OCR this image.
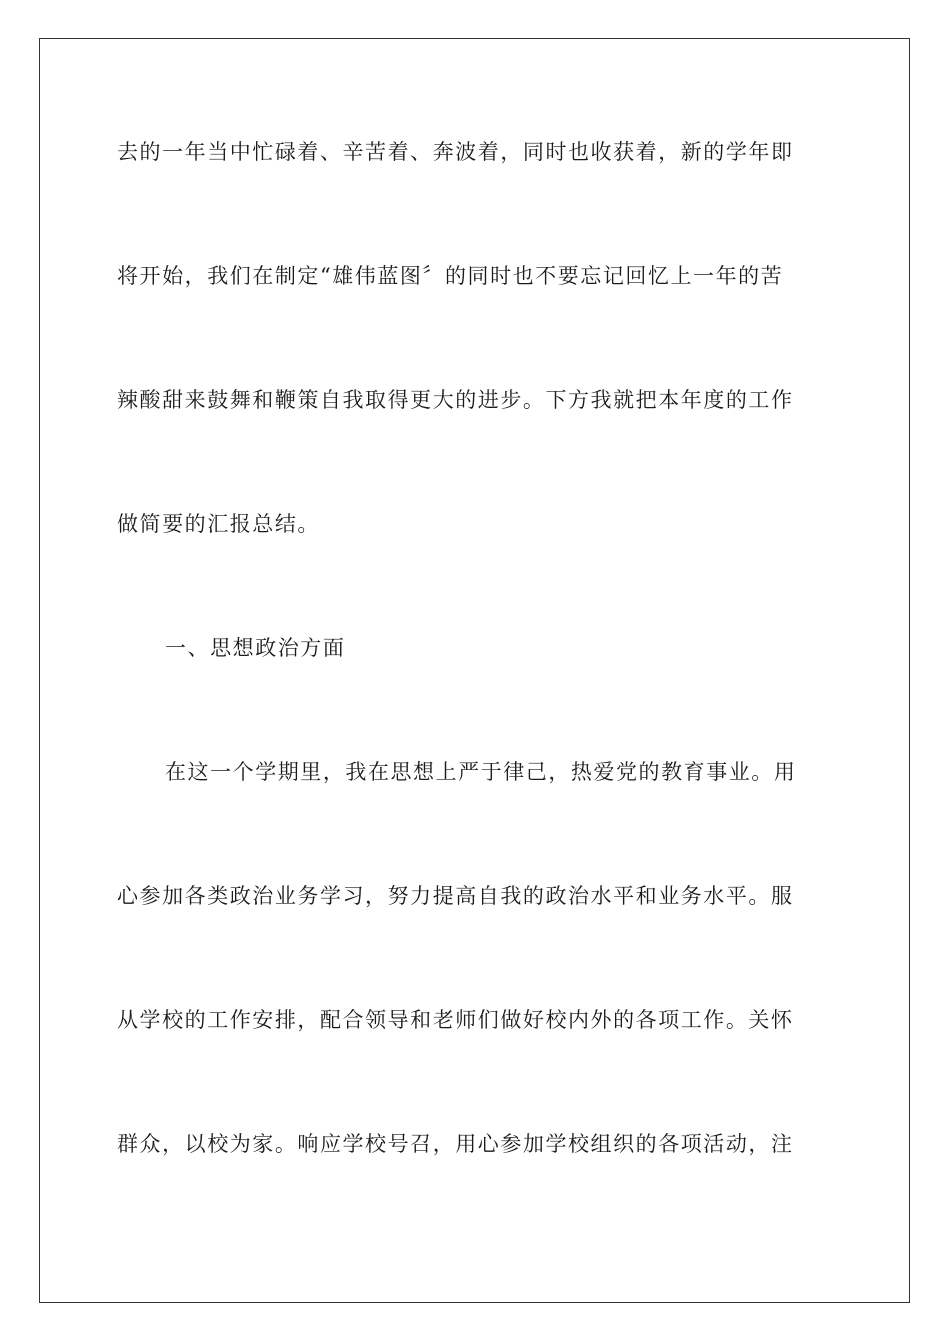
去的一年当中忙碌着、辛苦着、奔波着，同时也收获着，新的学年即
将开始，我们在制定“雄伟蓝图〞的同时也不要忘记回忆上一年的苦
辣酸甜来鼓舞和鞭策自我取得更大的进步。下方我就把本年度的工作
做简要的汇报总结。
一、思想政治方面
在这一个学期里，我在思想上严于律己，热爱党的教育事业。用
心参加各类政治业务学习，努力提高自我的政治水平和业务水平。服
从学校的工作安排，配合领导和老师们做好校内外的各项工作。关怀
群众，以校为家。响应学校号召，用心参加学校组织的各项活动，注
